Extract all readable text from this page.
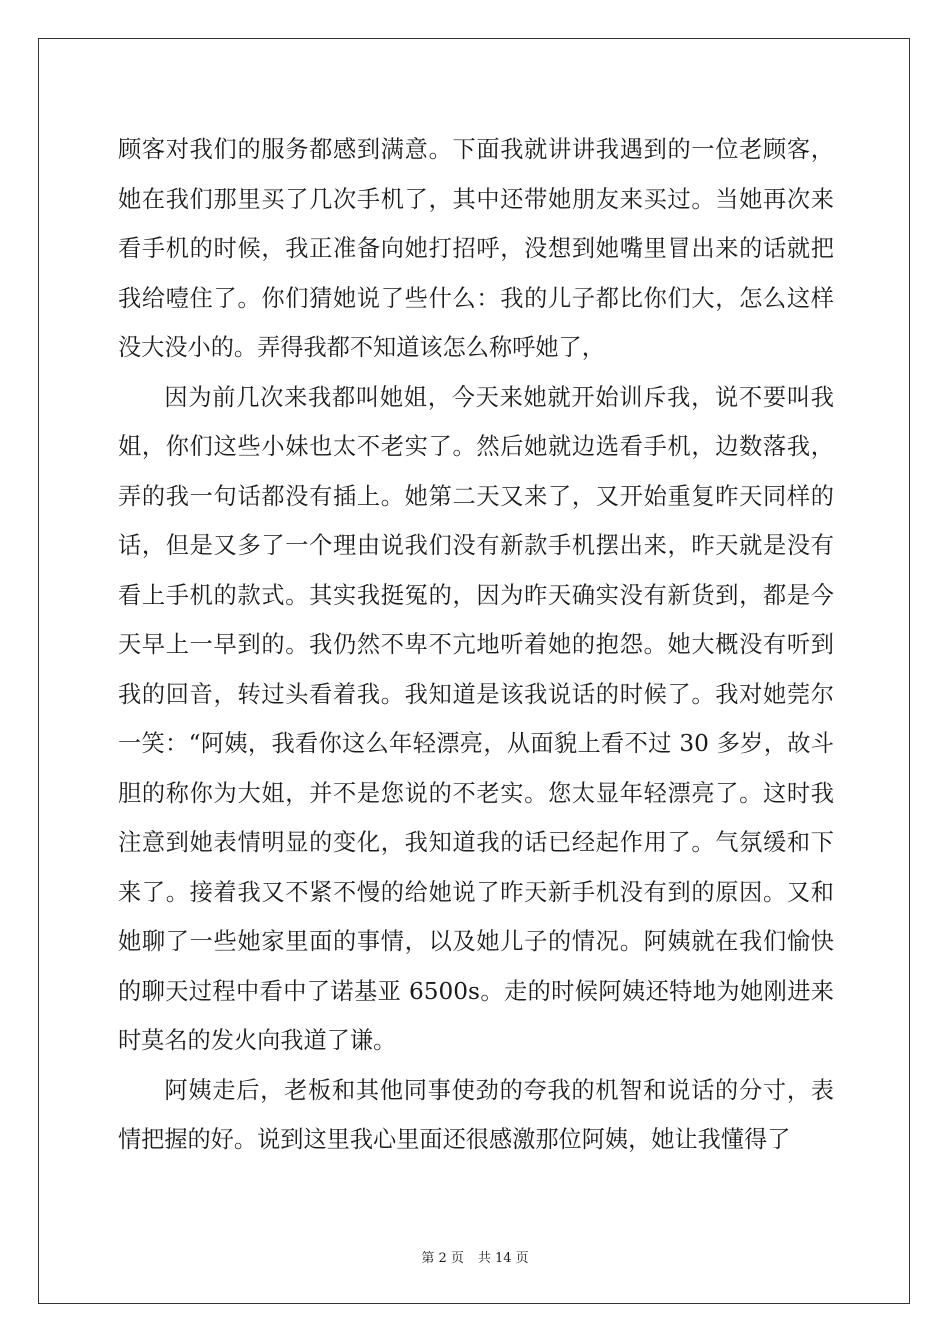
顾客对我们的服务都感到满意。下面我就讲讲我遇到的一位老顾客，她在我们那里买了几次手机了，其中还带她朋友来买过。当她再次来看手机的时候，我正准备向她打招呼，没想到她嘴里冒出来的话就把我给噎住了。你们猜她说了些什么：我的儿子都比你们大，怎么这样没大没小的。弄得我都不知道该怎么称呼她了，

因为前几次来我都叫她姐，今天来她就开始训斥我，说不要叫我姐，你们这些小妹也太不老实了。然后她就边选看手机，边数落我，弄的我一句话都没有插上。她第二天又来了，又开始重复昨天同样的话，但是又多了一个理由说我们没有新款手机摆出来，昨天就是没有看上手机的款式。其实我挺冤的，因为昨天确实没有新货到，都是今天早上一早到的。我仍然不卑不亢地听着她的抱怨。她大概没有听到我的回音，转过头看着我。我知道是该我说话的时候了。我对她莞尔一笑：“阿姨，我看你这么年轻漂亮，从面貌上看不过 30 多岁，故斗胆的称你为大姐，并不是您说的不老实。您太显年轻漂亮了。这时我注意到她表情明显的变化，我知道我的话已经起作用了。气氛缓和下来了。接着我又不紧不慢的给她说了昨天新手机没有到的原因。又和她聊了一些她家里面的事情，以及她儿子的情况。阿姨就在我们愉快的聊天过程中看中了诺基亚 6500s。走的时候阿姨还特地为她刚进来时莫名的发火向我道了谦。

阿姨走后，老板和其他同事使劲的夸我的机智和说话的分寸，表情把握的好。说到这里我心里面还很感激那位阿姨，她让我懂得了

第 2 页 共 14 页
